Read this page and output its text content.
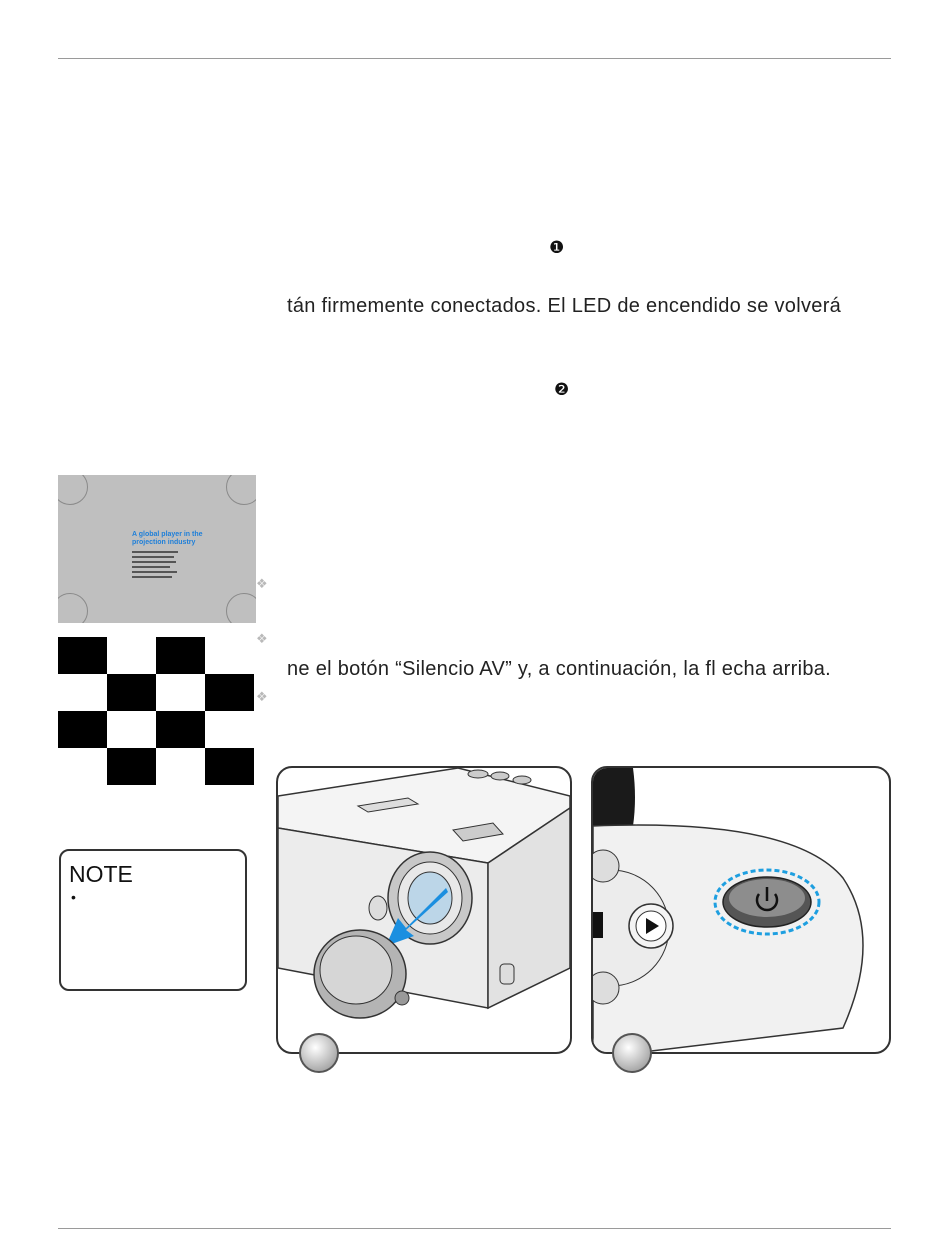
❶
❷
tán firmemente conectados. El LED de encendido se volverá
ne el botón “Silencio AV” y, a continuación, la fl echa arriba.
❖
❖
❖
A global player in the
projection industry
NOTE
•
